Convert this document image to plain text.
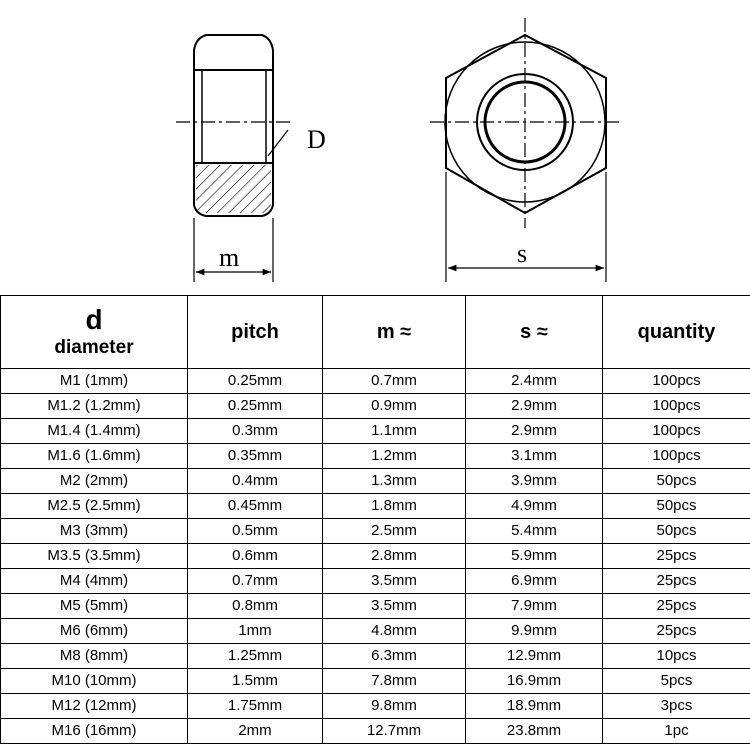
D
m	s
d
diameter	pitch	m ≈	s ≈	quantity
M1 (1mm)	0.25mm	0.7mm	2.4mm	100pcs
M1.2 (1.2mm)	0.25mm	0.9mm	2.9mm	100pcs
M1.4 (1.4mm)	0.3mm	1.1mm	2.9mm	100pcs
M1.6 (1.6mm)	0.35mm	1.2mm	3.1mm	100pcs
M2 (2mm)	0.4mm	1.3mm	3.9mm	50pcs
M2.5 (2.5mm)	0.45mm	1.8mm	4.9mm	50pcs
M3 (3mm)	0.5mm	2.5mm	5.4mm	50pcs
M3.5 (3.5mm)	0.6mm	2.8mm	5.9mm	25pcs
M4 (4mm)	0.7mm	3.5mm	6.9mm	25pcs
M5 (5mm)	0.8mm	3.5mm	7.9mm	25pcs
M6 (6mm)	1mm	4.8mm	9.9mm	25pcs
M8 (8mm)	1.25mm	6.3mm	12.9mm	10pcs
M10 (10mm)	1.5mm	7.8mm	16.9mm	5pcs
M12 (12mm)	1.75mm	9.8mm	18.9mm	3pcs
M16 (16mm)	2mm	12.7mm	23.8mm	1pc
